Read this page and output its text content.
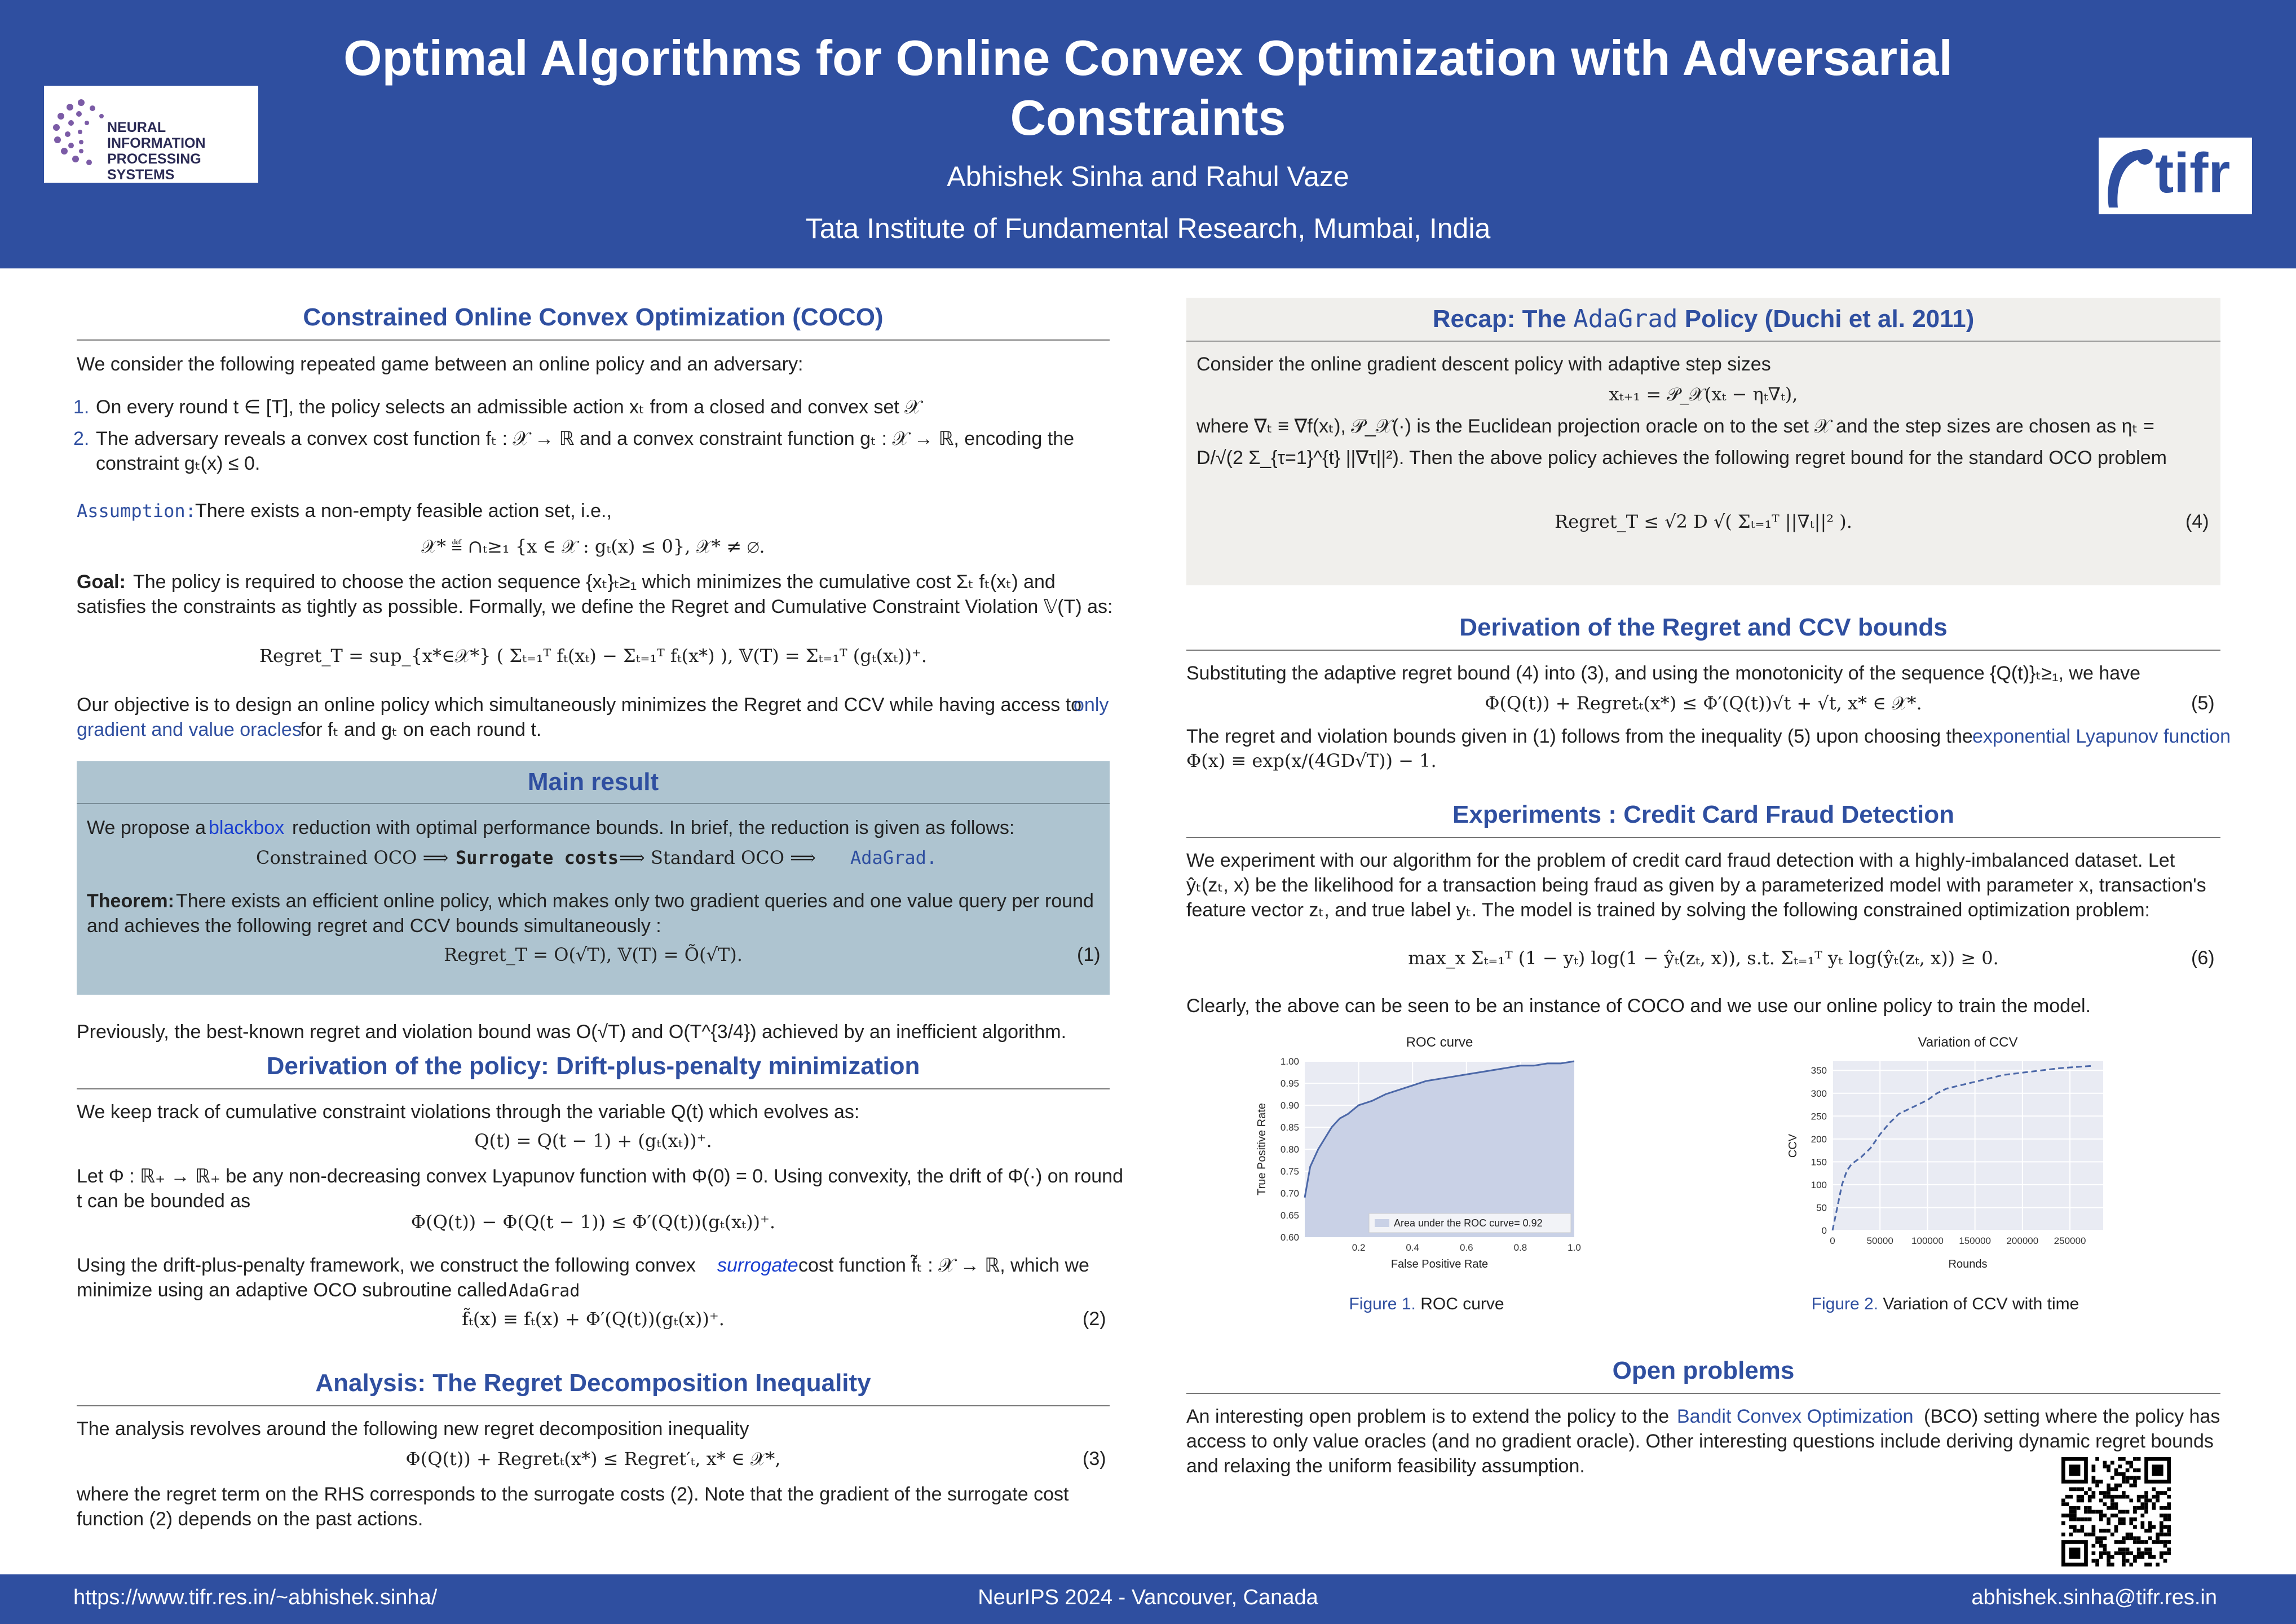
NEURAL INFORMATION PROCESSING SYSTEMS
Optimal Algorithms for Online Convex Optimization with Adversarial Constraints
Abhishek Sinha and Rahul Vaze
Tata Institute of Fundamental Research, Mumbai, India
tifr
Constrained Online Convex Optimization (COCO)
We consider the following repeated game between an online policy and an adversary:
1. On every round t ∈ [T], the policy selects an admissible action xₜ from a closed and convex set 𝒳
2. The adversary reveals a convex cost function fₜ : 𝒳 → ℝ and a convex constraint function gₜ : 𝒳 → ℝ, encoding the
constraint gₜ(x) ≤ 0.
Assumption:
There exists a non-empty feasible action set, i.e.,
𝒳* ≝ ∩ₜ≥₁ {x ∈ 𝒳 : gₜ(x) ≤ 0}, 𝒳* ≠ ∅.
Goal: The policy is required to choose the action sequence {xₜ}ₜ≥₁ which minimizes the cumulative cost Σₜ fₜ(xₜ) and
satisfies the constraints as tightly as possible. Formally, we define the Regret and Cumulative Constraint Violation 𝕍(T) as:
Regret_T = sup_{x*∈𝒳*} ( Σₜ₌₁ᵀ fₜ(xₜ) − Σₜ₌₁ᵀ fₜ(x*) ), 𝕍(T) = Σₜ₌₁ᵀ (gₜ(xₜ))⁺.
Our objective is to design an online policy which simultaneously minimizes the Regret and CCV while having access to
only
gradient and value oracles
for fₜ and gₜ on each round t.
Main result
We propose a blackbox reduction with optimal performance bounds. In brief, the reduction is given as follows:
Constrained OCO ⟹ Surrogate costs ⟹ Standard OCO ⟹ AdaGrad.
Theorem: There exists an efficient online policy, which makes only two gradient queries and one value query per round
and achieves the following regret and CCV bounds simultaneously :
Regret_T = O(√T), 𝕍(T) = Õ(√T).	(1)
Previously, the best-known regret and violation bound was O(√T) and O(T^{3/4}) achieved by an inefficient algorithm.
Derivation of the policy: Drift-plus-penalty minimization
We keep track of cumulative constraint violations through the variable Q(t) which evolves as:
Q(t) = Q(t − 1) + (gₜ(xₜ))⁺.
Let Φ : ℝ₊ → ℝ₊ be any non-decreasing convex Lyapunov function with Φ(0) = 0. Using convexity, the drift of Φ(·) on round
t can be bounded as
Φ(Q(t)) − Φ(Q(t − 1)) ≤ Φ′(Q(t))(gₜ(xₜ))⁺.
Using the drift-plus-penalty framework, we construct the following convex surrogate cost function f̃ₜ : 𝒳 → ℝ, which we
minimize using an adaptive OCO subroutine called AdaGrad
f̃ₜ(x) ≡ fₜ(x) + Φ′(Q(t))(gₜ(x))⁺.	(2)
Analysis: The Regret Decomposition Inequality
The analysis revolves around the following new regret decomposition inequality
Φ(Q(t)) + Regretₜ(x*) ≤ Regret′ₜ, x* ∈ 𝒳*,	(3)
where the regret term on the RHS corresponds to the surrogate costs (2). Note that the gradient of the surrogate cost
function (2) depends on the past actions.
Recap: The AdaGrad Policy (Duchi et al. 2011)
Consider the online gradient descent policy with adaptive step sizes
xₜ₊₁ = 𝒫_𝒳(xₜ − ηₜ∇ₜ),
where ∇ₜ ≡ ∇f(xₜ), 𝒫_𝒳(·) is the Euclidean projection oracle on to the set 𝒳 and the step sizes are chosen as ηₜ =
D/√(2 Σ_{τ=1}^{t} ||∇τ||²). Then the above policy achieves the following regret bound for the standard OCO problem
Regret_T ≤ √2 D √( Σₜ₌₁ᵀ ||∇ₜ||² ).	(4)
Derivation of the Regret and CCV bounds
Substituting the adaptive regret bound (4) into (3), and using the monotonicity of the sequence {Q(t)}ₜ≥₁, we have
Φ(Q(t)) + Regretₜ(x*) ≤ Φ′(Q(t))√t + √t, x* ∈ 𝒳*.	(5)
The regret and violation bounds given in (1) follows from the inequality (5) upon choosing the exponential Lyapunov function
Φ(x) ≡ exp(x/(4GD√T)) − 1.
Experiments : Credit Card Fraud Detection
We experiment with our algorithm for the problem of credit card fraud detection with a highly-imbalanced dataset. Let
ŷₜ(zₜ, x) be the likelihood for a transaction being fraud as given by a parameterized model with parameter x, transaction's
feature vector zₜ, and true label yₜ. The model is trained by solving the following constrained optimization problem:
max_x Σₜ₌₁ᵀ (1 − yₜ) log(1 − ŷₜ(zₜ, x)), s.t. Σₜ₌₁ᵀ yₜ log(ŷₜ(zₜ, x)) ≥ 0.	(6)
Clearly, the above can be seen to be an instance of COCO and we use our online policy to train the model.
ROC curve
0.60
0.65
0.70
0.75
0.80
0.85
0.90
0.95
1.00
0.2	0.4	0.6	0.8	1.0
Area under the ROC curve= 0.92
False Positive Rate
True Positive Rate
Figure 1. ROC curve
Variation of CCV
0
50
100
150
200
250
300
350
0	50000 100000 150000 200000 250000
Rounds
CCV
Figure 2. Variation of CCV with time
Open problems
An interesting open problem is to extend the policy to the Bandit Convex Optimization (BCO) setting where the policy has
access to only value oracles (and no gradient oracle). Other interesting questions include deriving dynamic regret bounds
and relaxing the uniform feasibility assumption.
https://www.tifr.res.in/~abhishek.sinha/	NeurIPS 2024 - Vancouver, Canada	abhishek.sinha@tifr.res.in
